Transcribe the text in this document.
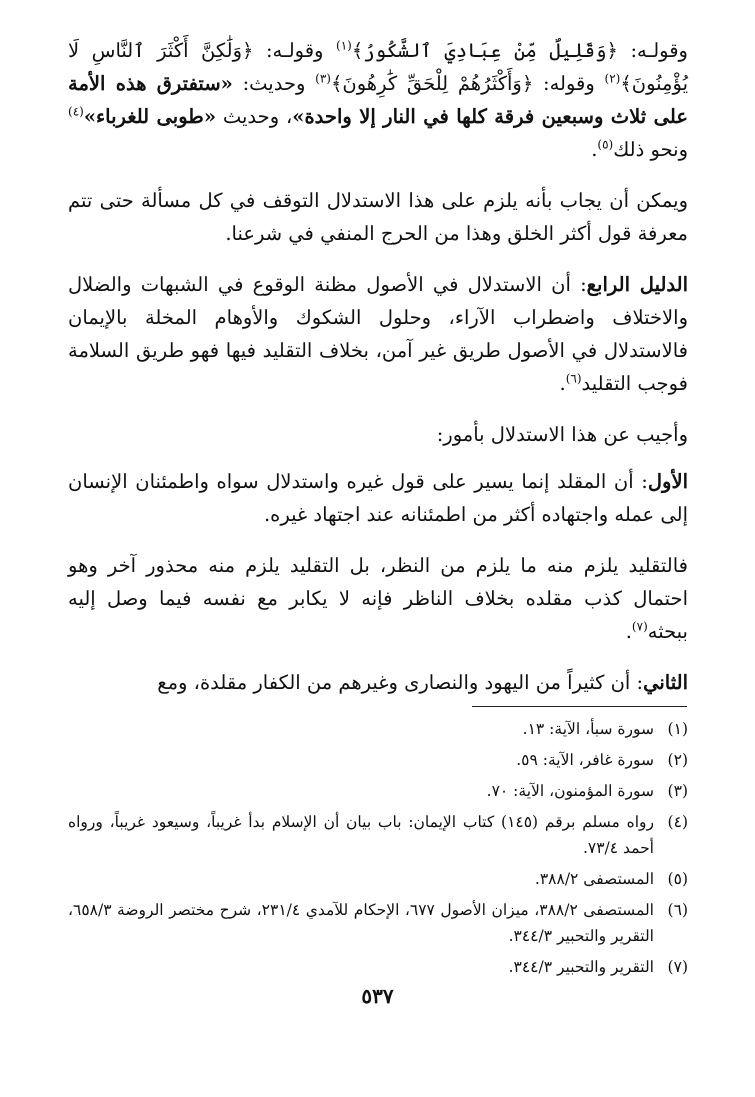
وقولـه: ﴿وَقَلِيلٌ مِّنْ عِبَادِيَ ٱلشَّكُورُ﴾$^{(١)}$ وقولـه: ﴿وَلَٰكِنَّ أَكْثَرَ ٱلنَّاسِ لَا يُؤْمِنُونَ﴾$^{(٢)}$ وقوله: ﴿وَأَكْثَرُهُمْ لِلْحَقِّ كَٰرِهُونَ﴾$^{(٣)}$ وحديث: «ستفترق هذه الأمة على ثلاث وسبعين فرقة كلها في النار إلا واحدة»، وحديث «طوبى للغرباء»$^{(٤)}$ ونحو ذلك$^{(٥)}$.

ويمكن أن يجاب بأنه يلزم على هذا الاستدلال التوقف في كل مسألة حتى تتم معرفة قول أكثر الخلق وهذا من الحرج المنفي في شرعنا.

الدليل الرابع: أن الاستدلال في الأصول مظنة الوقوع في الشبهات والضلال والاختلاف واضطراب الآراء، وحلول الشكوك والأوهام المخلة بالإيمان فالاستدلال في الأصول طريق غير آمن، بخلاف التقليد فيها فهو طريق السلامة فوجب التقليد$^{(٦)}$.

وأجيب عن هذا الاستدلال بأمور:

الأول: أن المقلد إنما يسير على قول غيره واستدلال سواه واطمئنان الإنسان إلى عمله واجتهاده أكثر من اطمئنانه عند اجتهاد غيره.

فالتقليد يلزم منه ما يلزم من النظر، بل التقليد يلزم منه محذور آخر وهو احتمال كذب مقلده بخلاف الناظر فإنه لا يكابر مع نفسه فيما وصل إليه ببحثه$^{(٧)}$.

الثاني: أن كثيراً من اليهود والنصارى وغيرهم من الكفار مقلدة، ومع

(١)
سورة سبأ، الآية: ١٣.
(٢)
سورة غافر، الآية: ٥٩.
(٣)
سورة المؤمنون، الآية: ٧٠.
(٤)
رواه مسلم برقم (١٤٥) كتاب الإيمان: باب بيان أن الإسلام بدأ غريباً، وسيعود غريباً، ورواه أحمد ٧٣/٤.
(٥)
المستصفى ٣٨٨/٢.
(٦)
المستصفى ٣٨٨/٢، ميزان الأصول ٦٧٧، الإحكام للآمدي ٢٣١/٤، شرح مختصر الروضة ٦٥٨/٣، التقرير والتحبير ٣٤٤/٣.
(٧)
التقرير والتحبير ٣٤٤/٣.
٥٣٧
